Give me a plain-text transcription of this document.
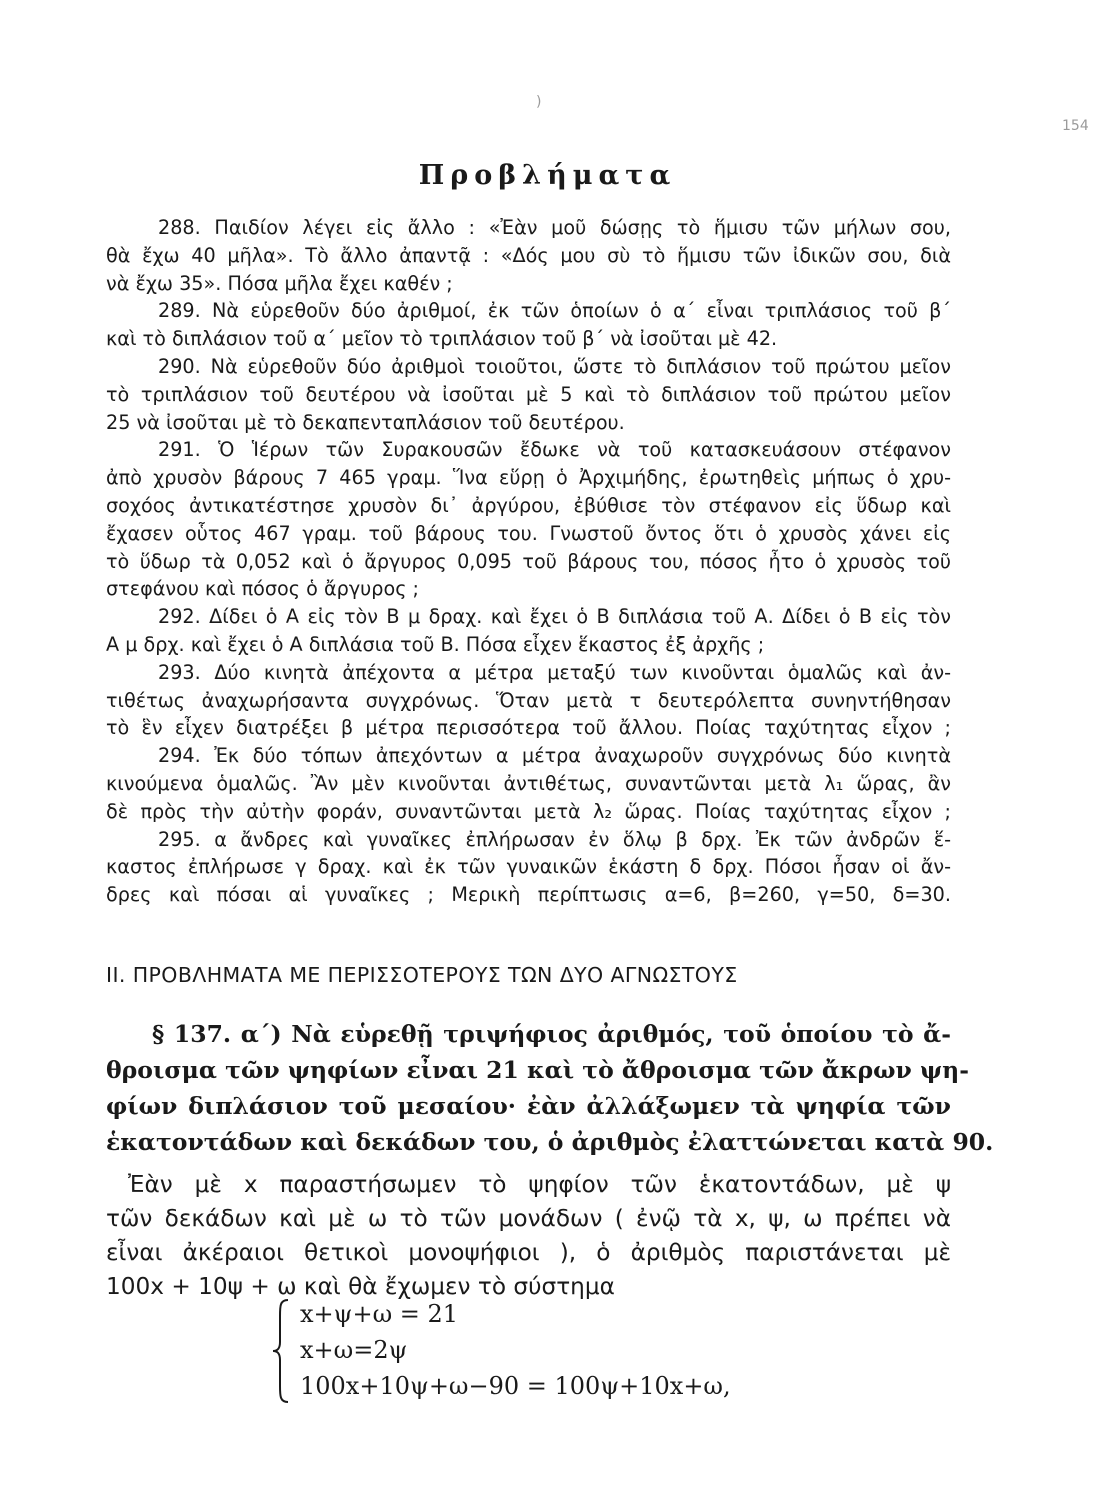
)
154
Προβλήματα
288. Παιδίον λέγει εἰς ἄλλο : «Ἐὰν μοῦ δώσῃς τὸ ἥμισυ τῶν μήλων σου,
θὰ ἔχω 40 μῆλα». Τὸ ἄλλο ἀπαντᾷ : «Δός μου σὺ τὸ ἥμισυ τῶν ἰδικῶν σου, διὰ
νὰ ἔχω 35». Πόσα μῆλα ἔχει καθέν ;
289. Νὰ εὑρεθοῦν δύο ἀριθμοί, ἐκ τῶν ὁποίων ὁ α΄ εἶναι τριπλάσιος τοῦ β΄
καὶ τὸ διπλάσιον τοῦ α΄ μεῖον τὸ τριπλάσιον τοῦ β΄ νὰ ἰσοῦται μὲ 42.
290. Νὰ εὑρεθοῦν δύο ἀριθμοὶ τοιοῦτοι, ὥστε τὸ διπλάσιον τοῦ πρώτου μεῖον
τὸ τριπλάσιον τοῦ δευτέρου νὰ ἰσοῦται μὲ 5 καὶ τὸ διπλάσιον τοῦ πρώτου μεῖον
25 νὰ ἰσοῦται μὲ τὸ δεκαπενταπλάσιον τοῦ δευτέρου.
291. Ὁ Ἱέρων τῶν Συρακουσῶν ἔδωκε νὰ τοῦ κατασκευάσουν στέφανον
ἀπὸ χρυσὸν βάρους 7 465 γραμ. Ἵνα εὕρῃ ὁ Ἀρχιμήδης, ἐρωτηθεὶς μήπως ὁ χρυ-
σοχόος ἀντικατέστησε χρυσὸν δι᾽ ἀργύρου, ἐβύθισε τὸν στέφανον εἰς ὕδωρ καὶ
ἔχασεν οὗτος 467 γραμ. τοῦ βάρους του. Γνωστοῦ ὄντος ὅτι ὁ χρυσὸς χάνει εἰς
τὸ ὕδωρ τὰ 0,052 καὶ ὁ ἄργυρος 0,095 τοῦ βάρους του, πόσος ἦτο ὁ χρυσὸς τοῦ
στεφάνου καὶ πόσος ὁ ἄργυρος ;
292. Δίδει ὁ Α εἰς τὸν Β μ δραχ. καὶ ἔχει ὁ Β διπλάσια τοῦ Α. Δίδει ὁ Β εἰς τὸν
Α μ δρχ. καὶ ἔχει ὁ Α διπλάσια τοῦ Β. Πόσα εἶχεν ἕκαστος ἐξ ἀρχῆς ;
293. Δύο κινητὰ ἀπέχοντα α μέτρα μεταξύ των κινοῦνται ὁμαλῶς καὶ ἀν-
τιθέτως ἀναχωρήσαντα συγχρόνως. Ὅταν μετὰ τ δευτερόλεπτα συνηντήθησαν
τὸ ἓν εἶχεν διατρέξει β μέτρα περισσότερα τοῦ ἄλλου. Ποίας ταχύτητας εἶχον ;
294. Ἐκ δύο τόπων ἀπεχόντων α μέτρα ἀναχωροῦν συγχρόνως δύο κινητὰ
κινούμενα ὁμαλῶς. Ἂν μὲν κινοῦνται ἀντιθέτως, συναντῶνται μετὰ λ₁ ὥρας, ἂν
δὲ πρὸς τὴν αὐτὴν φοράν, συναντῶνται μετὰ λ₂ ὥρας. Ποίας ταχύτητας εἶχον ;
295. α ἄνδρες καὶ γυναῖκες ἐπλήρωσαν ἐν ὅλῳ β δρχ. Ἐκ τῶν ἀνδρῶν ἕ-
καστος ἐπλήρωσε γ δραχ. καὶ ἐκ τῶν γυναικῶν ἑκάστη δ δρχ. Πόσοι ἦσαν οἱ ἄν-
δρες καὶ πόσαι αἱ γυναῖκες ; Μερικὴ περίπτωσις α=6, β=260, γ=50, δ=30.
ΙΙ. ΠΡΟΒΛΗΜΑΤΑ ΜΕ ΠΕΡΙΣΣΟΤΕΡΟΥΣ ΤΩΝ ΔΥΟ ΑΓΝΩΣΤΟΥΣ
§ 137. α΄) Νὰ εὑρεθῇ τριψήφιος ἀριθμός, τοῦ ὁποίου τὸ ἄ-
θροισμα τῶν ψηφίων εἶναι 21 καὶ τὸ ἄθροισμα τῶν ἄκρων ψη-
φίων διπλάσιον τοῦ μεσαίου· ἐὰν ἀλλάξωμεν τὰ ψηφία τῶν
ἑκατοντάδων καὶ δεκάδων του, ὁ ἀριθμὸς ἐλαττώνεται κατὰ 90.
Ἐὰν μὲ x παραστήσωμεν τὸ ψηφίον τῶν ἑκατοντάδων, μὲ ψ
τῶν δεκάδων καὶ μὲ ω τὸ τῶν μονάδων ( ἐνῷ τὰ x, ψ, ω πρέπει νὰ
εἶναι ἀκέραιοι θετικοὶ μονοψήφιοι ), ὁ ἀριθμὸς παριστάνεται μὲ
100x + 10ψ + ω καὶ θὰ ἔχωμεν τὸ σύστημα
x+ψ+ω = 21
x+ω=2ψ
100x+10ψ+ω−90 = 100ψ+10x+ω,
